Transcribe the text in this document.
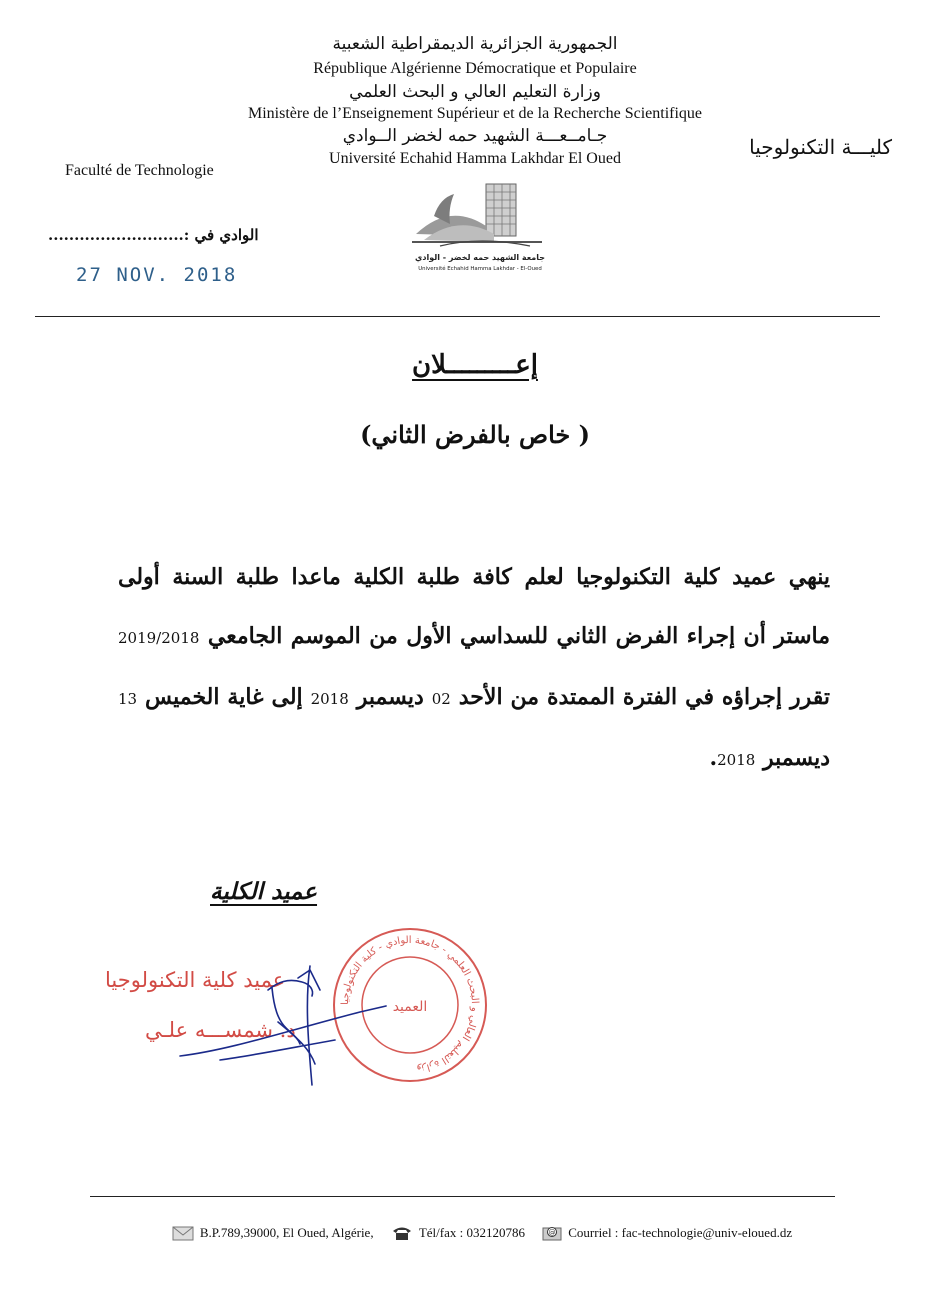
الجمهورية الجزائرية الديمقراطية الشعبية
République Algérienne Démocratique et Populaire
وزارة التعليم العالي و البحث العلمي
Ministère de l’Enseignement Supérieur et de la Recherche Scientifique
جـامــعـــة الشهيد حمه لخضر الــوادي
Université Echahid Hamma Lakhdar El Oued	كليـــة التكنولوجيا
Faculté de Technologie
الوادي في :..........................
27 NOV. 2018
جامعة الشهيد حمه لخضر - الوادي
Université Echahid Hamma Lakhdar - El-Oued
إعـــــــــلان
(خاص بالفرض الثاني )
ينهي عميد كلية التكنولوجيا لعلم كافة طلبة الكلية ماعدا طلبة السنة أولى ماستر أن إجراء الفرض الثاني للسداسي الأول من الموسم الجامعي 2019/2018 تقرر إجراؤه في الفترة الممتدة من الأحد 02 ديسمبر 2018 إلى غاية الخميس 13 ديسمبر 2018.
عميد الكلية
وزارة التعليم العالي و البحث العلمي - جامعة الوادي - كلية التكنولوجيا
العميد
عميد كلية التكنولوجيا
د. شمســـه علـي
B.P.789,39000, El Oued, Algérie,	Tél/fax : 032120786	@ Courriel : fac-technologie@univ-eloued.dz
